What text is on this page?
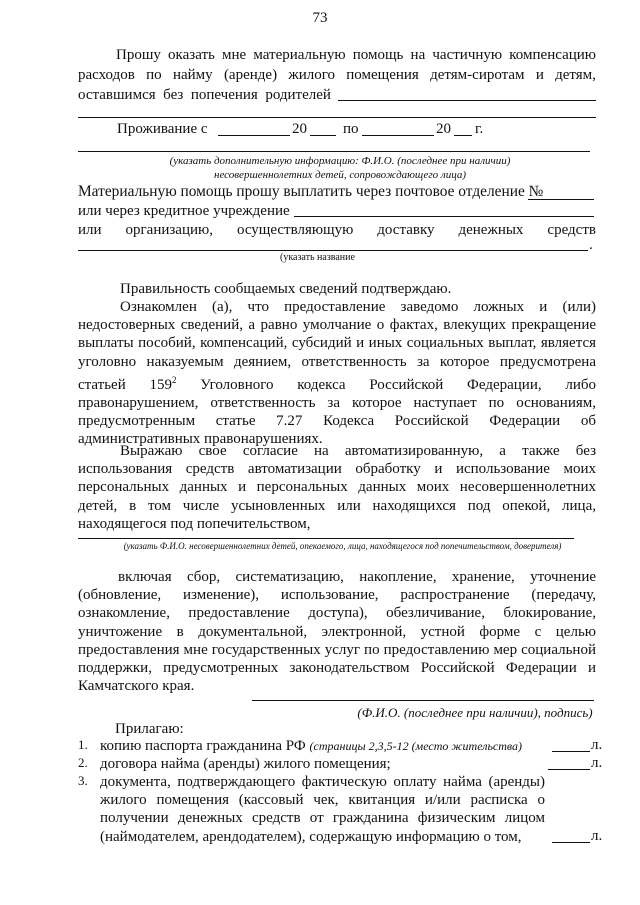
73
Прошу оказать мне материальную помощь на частичную компенсацию
расходов по найму (аренде) жилого помещения детям-сиротам и детям,
оставшимся  без  попечения  родителей
Проживание с	20	по	20	г.
(указать дополнительную информацию: Ф.И.О. (последнее при наличии) несовершеннолетних детей, сопровождающего лица)
Материальную помощь прошу выплатить через почтовое отделение №
или через кредитное учреждение
или организацию, осуществляющую доставку денежных средств
.
(указать название
Правильность сообщаемых сведений подтверждаю.
Ознакомлен (а), что предоставление заведомо ложных и (или) недостоверных сведений, а равно умолчание о фактах, влекущих прекращение выплаты пособий, компенсаций, субсидий и иных социальных выплат, является уголовно наказуемым деянием, ответственность за которое предусмотрена статьей $159^2$ Уголовного кодекса Российской Федерации, либо правонарушением, ответственность за которое наступает по основаниям, предусмотренным статье 7.27 Кодекса Российской Федерации об административных правонарушениях.
Выражаю свое согласие на автоматизированную, а также без использования средств автоматизации обработку и использование моих персональных данных и персональных данных моих несовершеннолетних детей, в том числе усыновленных или находящихся под опекой, лица, находящегося под попечительством,
(указать Ф.И.О. несовершеннолетних детей, опекаемого, лица, находящегося под попечительством, доверителя)
включая сбор, систематизацию, накопление, хранение, уточнение (обновление, изменение), использование, распространение (передачу, ознакомление, предоставление доступа), обезличивание, блокирование, уничтожение в документальной, электронной, устной форме с целью предоставления мне государственных услуг по предоставлению мер социальной поддержки, предусмотренных законодательством Российской Федерации и Камчатского края.
(Ф.И.О. (последнее при наличии), подпись)
Прилагаю:
1. копию паспорта гражданина РФ (страницы 2,3,5-12 (место жительства)	л.
2. договора найма (аренды) жилого помещения;	л.
3. документа, подтверждающего фактическую оплату найма (аренды) жилого помещения (кассовый чек, квитанция и/или расписка о получении денежных средств от гражданина физическим лицом (наймодателем, арендодателем), содержащую информацию о том,	л.
